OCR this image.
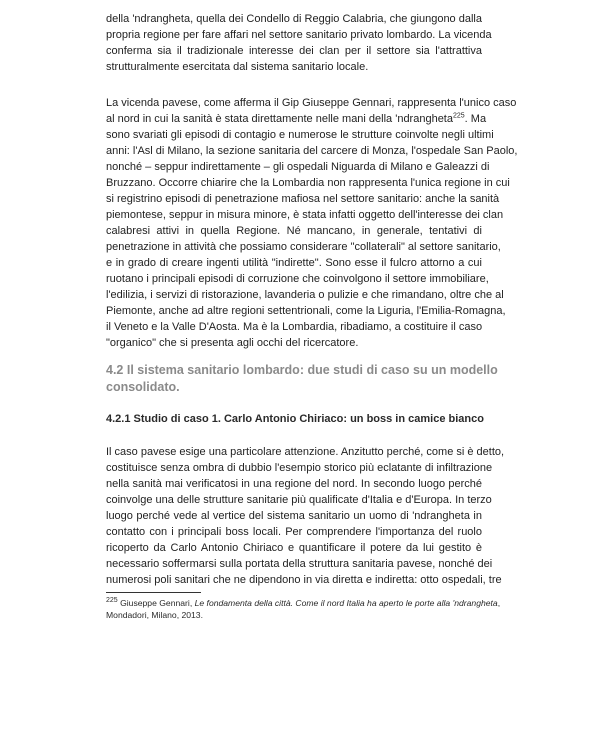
della 'ndrangheta, quella dei Condello di Reggio Calabria, che giungono dalla
propria regione per fare affari nel settore sanitario privato lombardo. La vicenda
conferma sia il tradizionale interesse dei clan per il settore sia l'attrattiva
strutturalmente esercitata dal sistema sanitario locale.

La vicenda pavese, come afferma il Gip Giuseppe Gennari, rappresenta l'unico caso
al nord in cui la sanità è stata direttamente nelle mani della 'ndrangheta$^{225}$. Ma
sono svariati gli episodi di contagio e numerose le strutture coinvolte negli ultimi
anni: l'Asl di Milano, la sezione sanitaria del carcere di Monza, l'ospedale San Paolo,
nonché – seppur indirettamente – gli ospedali Niguarda di Milano e Galeazzi di
Bruzzano. Occorre chiarire che la Lombardia non rappresenta l'unica regione in cui
si registrino episodi di penetrazione mafiosa nel settore sanitario: anche la sanità
piemontese, seppur in misura minore, è stata infatti oggetto dell'interesse dei clan
calabresi attivi in quella Regione. Né mancano, in generale, tentativi di
penetrazione in attività che possiamo considerare "collaterali" al settore sanitario,
e in grado di creare ingenti utilità "indirette". Sono esse il fulcro attorno a cui
ruotano i principali episodi di corruzione che coinvolgono il settore immobiliare,
l'edilizia, i servizi di ristorazione, lavanderia o pulizie e che rimandano, oltre che al
Piemonte, anche ad altre regioni settentrionali, come la Liguria, l'Emilia-Romagna,
il Veneto e la Valle D'Aosta. Ma è la Lombardia, ribadiamo, a costituire il caso
"organico" che si presenta agli occhi del ricercatore.

4.2 Il sistema sanitario lombardo: due studi di caso su un modello
consolidato.
4.2.1 Studio di caso 1. Carlo Antonio Chiriaco: un boss in camice bianco

Il caso pavese esige una particolare attenzione. Anzitutto perché, come si è detto,
costituisce senza ombra di dubbio l'esempio storico più eclatante di infiltrazione
nella sanità mai verificatosi in una regione del nord. In secondo luogo perché
coinvolge una delle strutture sanitarie più qualificate d'Italia e d'Europa. In terzo
luogo perché vede al vertice del sistema sanitario un uomo di 'ndrangheta in
contatto con i principali boss locali. Per comprendere l'importanza del ruolo
ricoperto da Carlo Antonio Chiriaco e quantificare il potere da lui gestito è
necessario soffermarsi sulla portata della struttura sanitaria pavese, nonché dei
numerosi poli sanitari che ne dipendono in via diretta e indiretta: otto ospedali, tre

$^{225}$ Giuseppe Gennari, Le fondamenta della città. Come il nord Italia ha aperto le porte alla 'ndrangheta,
Mondadori, Milano, 2013.
